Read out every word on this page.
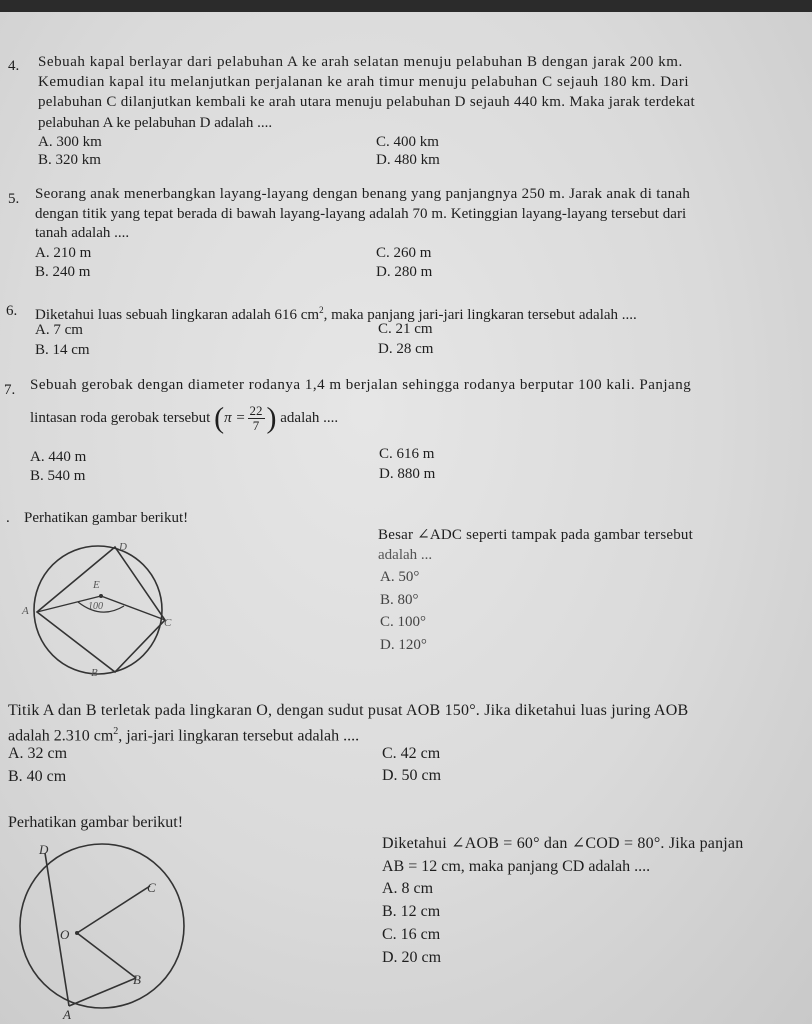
4. Sebuah kapal berlayar dari pelabuhan A ke arah selatan menuju pelabuhan B dengan jarak 200 km.
Kemudian kapal itu melanjutkan perjalanan ke arah timur menuju pelabuhan C sejauh 180 km. Dari
pelabuhan C dilanjutkan kembali ke arah utara menuju pelabuhan D sejauh 440 km. Maka jarak terdekat
pelabuhan A ke pelabuhan D adalah ....
A. 300 km
B. 320 km
C. 400 km
D. 480 km
5. Seorang anak menerbangkan layang-layang dengan benang yang panjangnya 250 m. Jarak anak di tanah
dengan titik yang tepat berada di bawah layang-layang adalah 70 m. Ketinggian layang-layang tersebut dari
tanah adalah ....
A. 210 m
B. 240 m
C. 260 m
D. 280 m
6. Diketahui luas sebuah lingkaran adalah 616 $cm^2$, maka panjang jari-jari lingkaran tersebut adalah ....
A. 7 cm
B. 14 cm
C. 21 cm
D. 28 cm
7. Sebuah gerobak dengan diameter rodanya 1,4 m berjalan sehingga rodanya berputar 100 kali. Panjang
lintasan roda gerobak tersebut ($\pi = \frac{22}{7}$ ) adalah ....
A. 440 m
B. 540 m
C. 616 m
D. 880 m
. Perhatikan gambar berikut!
Besar ∠ADC seperti tampak pada gambar tersebut
adalah ...
A. 50°
B. 80°
C. 100°
D. 120°
D
E
100
A
C
B
Titik A dan B terletak pada lingkaran O, dengan sudut pusat AOB 150°. Jika diketahui luas juring AOB
adalah 2.310 $cm^2$, jari-jari lingkaran tersebut adalah ....
A. 32 cm
B. 40 cm
C. 42 cm
D. 50 cm
Perhatikan gambar berikut!
Diketahui ∠AOB = 60° dan ∠COD = 80°. Jika panjan
AB = 12 cm, maka panjang CD adalah ....
A. 8 cm
B. 12 cm
C. 16 cm
D. 20 cm
D
C
O
B
A
